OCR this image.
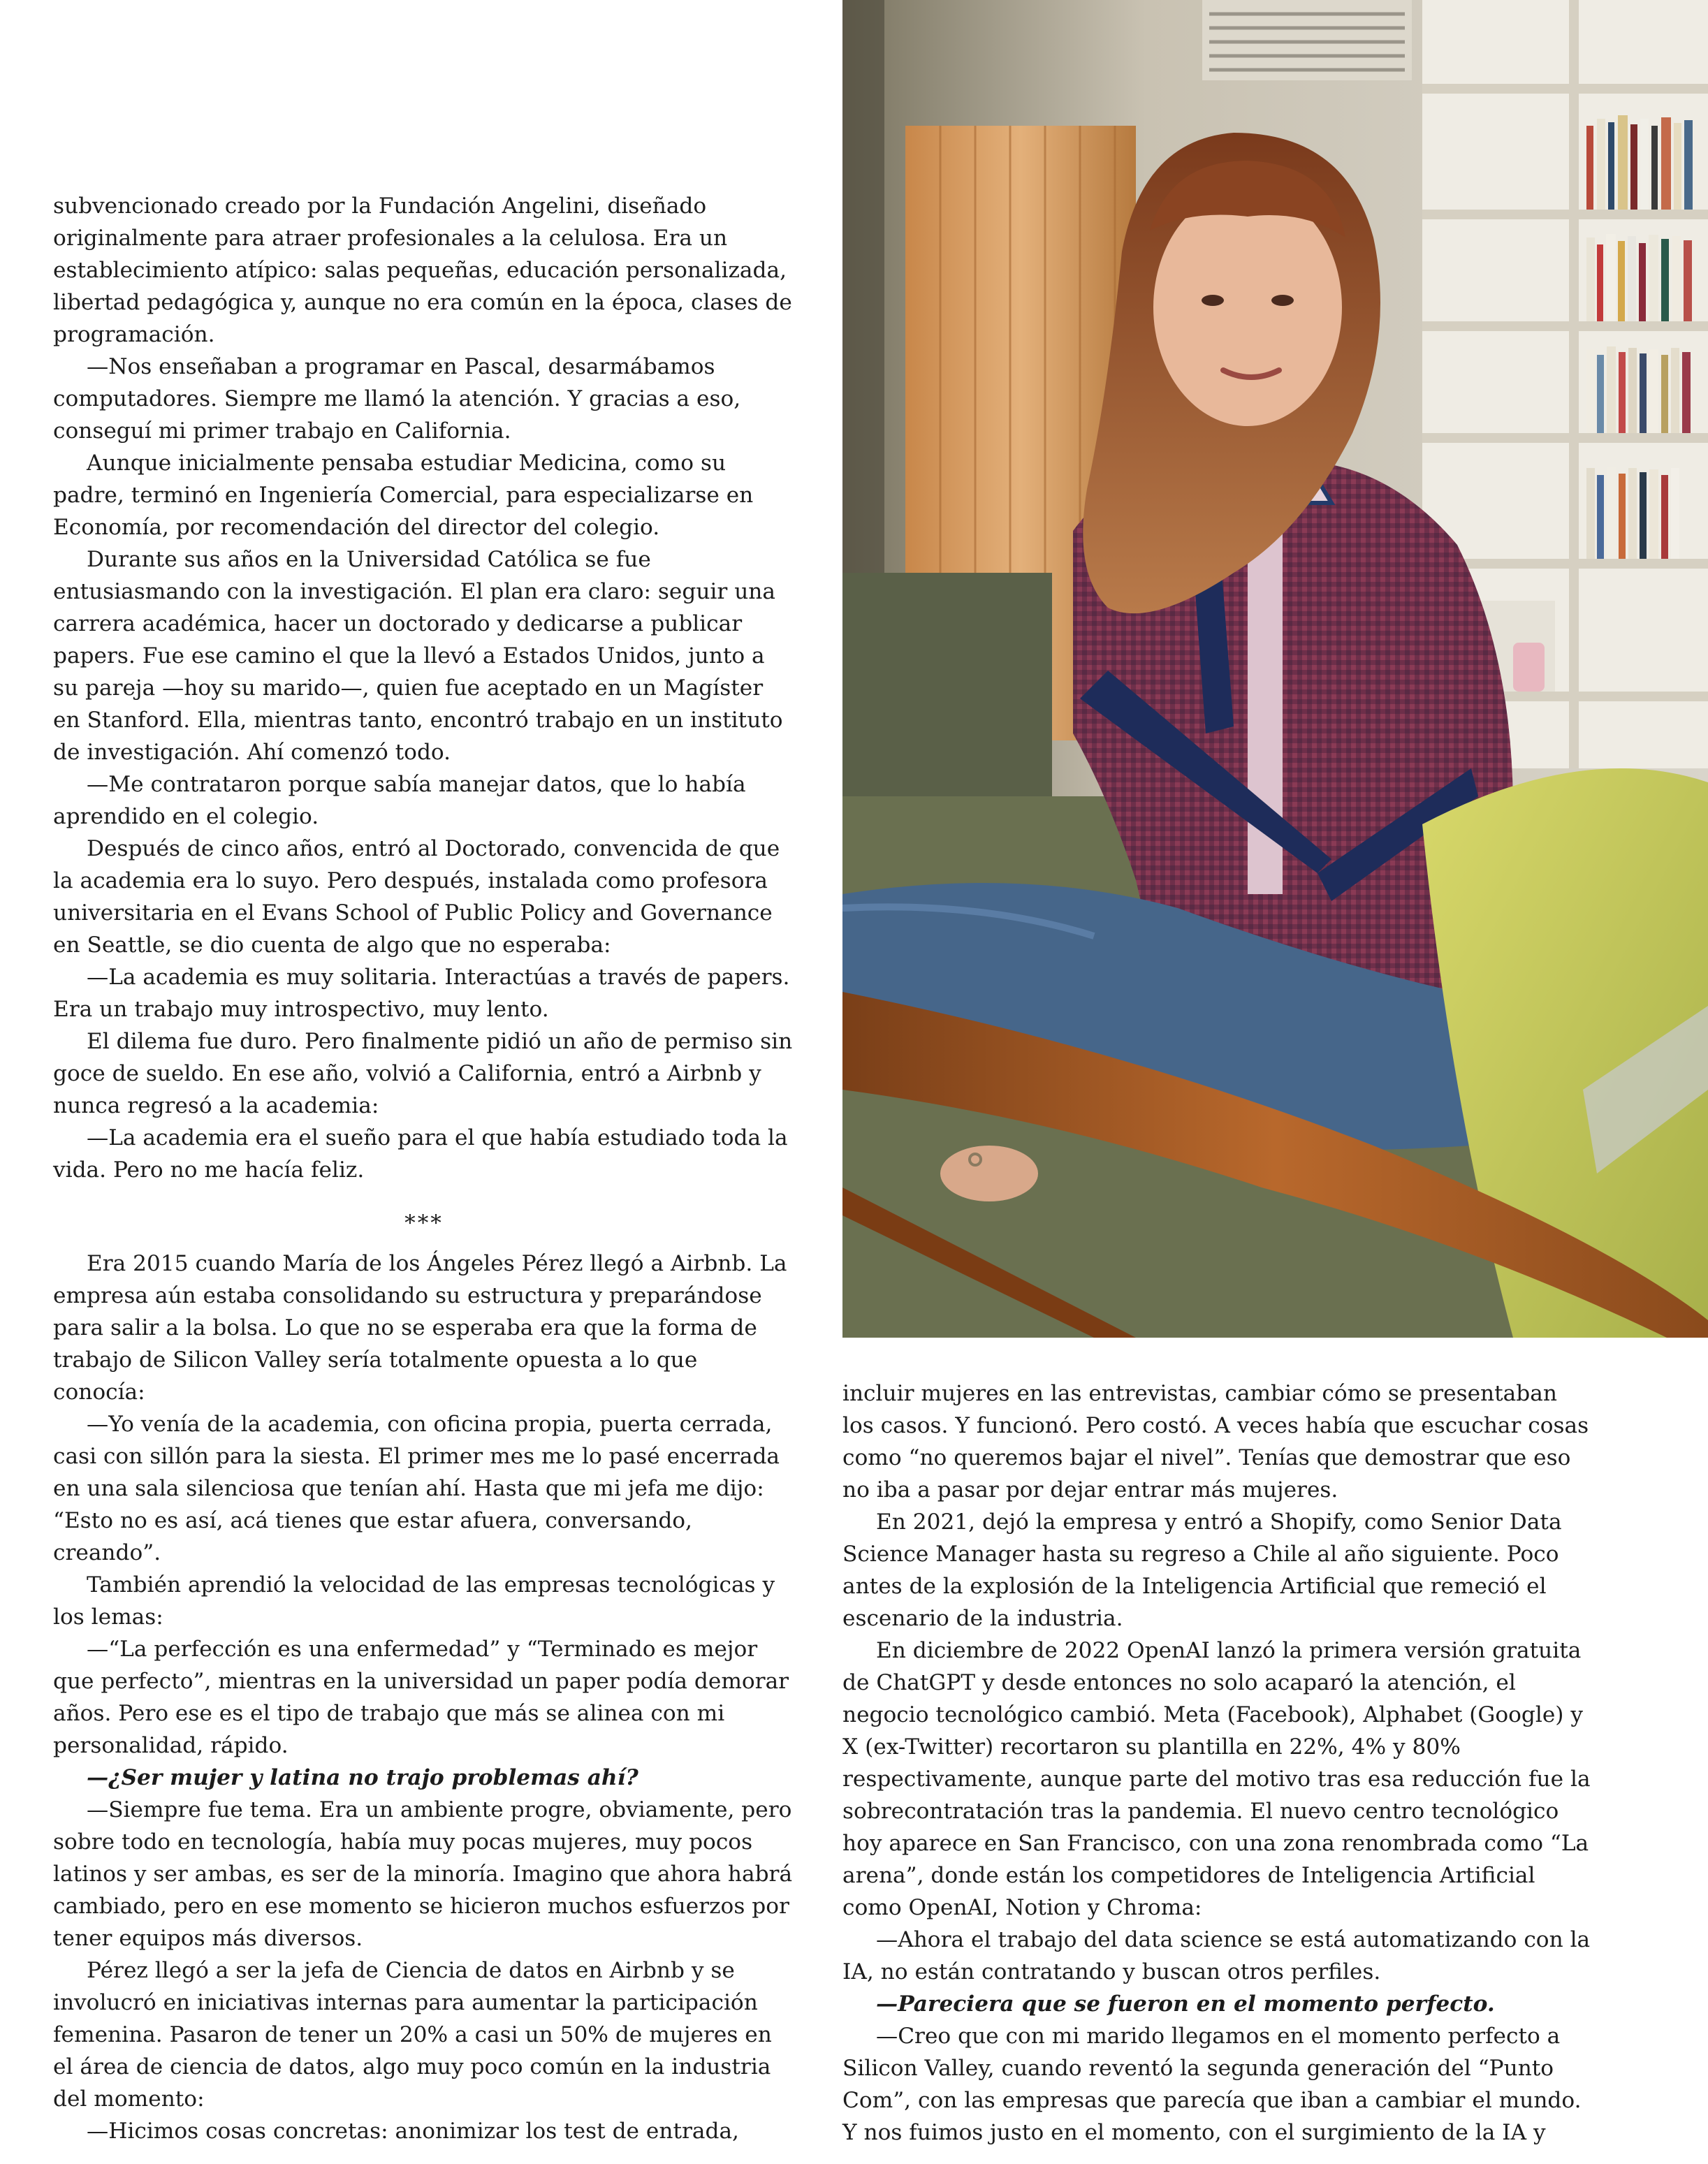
subvencionado creado por la Fundación Angelini, diseñado originalmente para atraer profesionales a la celulosa. Era un establecimiento atípico: salas pequeñas, educación personalizada, libertad pedagógica y, aunque no era común en la época, clases de programación.

—Nos enseñaban a programar en Pascal, desarmábamos computadores. Siempre me llamó la atención. Y gracias a eso, conseguí mi primer trabajo en California.

Aunque inicialmente pensaba estudiar Medicina, como su padre, terminó en Ingeniería Comercial, para especializarse en Economía, por recomendación del director del colegio.

Durante sus años en la Universidad Católica se fue entusiasmando con la investigación. El plan era claro: seguir una carrera académica, hacer un doctorado y dedicarse a publicar papers. Fue ese camino el que la llevó a Estados Unidos, junto a su pareja —hoy su marido—, quien fue aceptado en un Magíster en Stanford. Ella, mientras tanto, encontró trabajo en un instituto de investigación. Ahí comenzó todo.

—Me contrataron porque sabía manejar datos, que lo había aprendido en el colegio.

Después de cinco años, entró al Doctorado, convencida de que la academia era lo suyo. Pero después, instalada como profesora universitaria en el Evans School of Public Policy and Governance en Seattle, se dio cuenta de algo que no esperaba:

—La academia es muy solitaria. Interactúas a través de papers. Era un trabajo muy introspectivo, muy lento.

El dilema fue duro. Pero finalmente pidió un año de permiso sin goce de sueldo. En ese año, volvió a California, entró a Airbnb y nunca regresó a la academia:

—La academia era el sueño para el que había estudiado toda la vida. Pero no me hacía feliz.

***

Era 2015 cuando María de los Ángeles Pérez llegó a Airbnb. La empresa aún estaba consolidando su estructura y preparándose para salir a la bolsa. Lo que no se esperaba era que la forma de trabajo de Silicon Valley sería totalmente opuesta a lo que conocía:

—Yo venía de la academia, con oficina propia, puerta cerrada, casi con sillón para la siesta. El primer mes me lo pasé encerrada en una sala silenciosa que tenían ahí. Hasta que mi jefa me dijo: “Esto no es así, acá tienes que estar afuera, conversando, creando”.

También aprendió la velocidad de las empresas tecnológicas y los lemas:

—“La perfección es una enfermedad” y “Terminado es mejor que perfecto”, mientras en la universidad un paper podía demorar años. Pero ese es el tipo de trabajo que más se alinea con mi personalidad, rápido.

—¿Ser mujer y latina no trajo problemas ahí?

—Siempre fue tema. Era un ambiente progre, obviamente, pero sobre todo en tecnología, había muy pocas mujeres, muy pocos latinos y ser ambas, es ser de la minoría. Imagino que ahora habrá cambiado, pero en ese momento se hicieron muchos esfuerzos por tener equipos más diversos.

Pérez llegó a ser la jefa de Ciencia de datos en Airbnb y se involucró en iniciativas internas para aumentar la participación femenina. Pasaron de tener un 20% a casi un 50% de mujeres en el área de ciencia de datos, algo muy poco común en la industria del momento:

—Hicimos cosas concretas: anonimizar los test de entrada,

incluir mujeres en las entrevistas, cambiar cómo se presentaban los casos. Y funcionó. Pero costó. A veces había que escuchar cosas como “no queremos bajar el nivel”. Tenías que demostrar que eso no iba a pasar por dejar entrar más mujeres.

En 2021, dejó la empresa y entró a Shopify, como Senior Data Science Manager hasta su regreso a Chile al año siguiente. Poco antes de la explosión de la Inteligencia Artificial que remeció el escenario de la industria.

En diciembre de 2022 OpenAI lanzó la primera versión gratuita de ChatGPT y desde entonces no solo acaparó la atención, el negocio tecnológico cambió. Meta (Facebook), Alphabet (Google) y X (ex-Twitter) recortaron su plantilla en 22%, 4% y 80% respectivamente, aunque parte del motivo tras esa reducción fue la sobrecontratación tras la pandemia. El nuevo centro tecnológico hoy aparece en San Francisco, con una zona renombrada como “La arena”, donde están los competidores de Inteligencia Artificial como OpenAI, Notion y Chroma:

—Ahora el trabajo del data science se está automatizando con la IA, no están contratando y buscan otros perfiles.

—Pareciera que se fueron en el momento perfecto.

—Creo que con mi marido llegamos en el momento perfecto a Silicon Valley, cuando reventó la segunda generación del “Punto Com”, con las empresas que parecía que iban a cambiar el mundo. Y nos fuimos justo en el momento, con el surgimiento de la IA y
